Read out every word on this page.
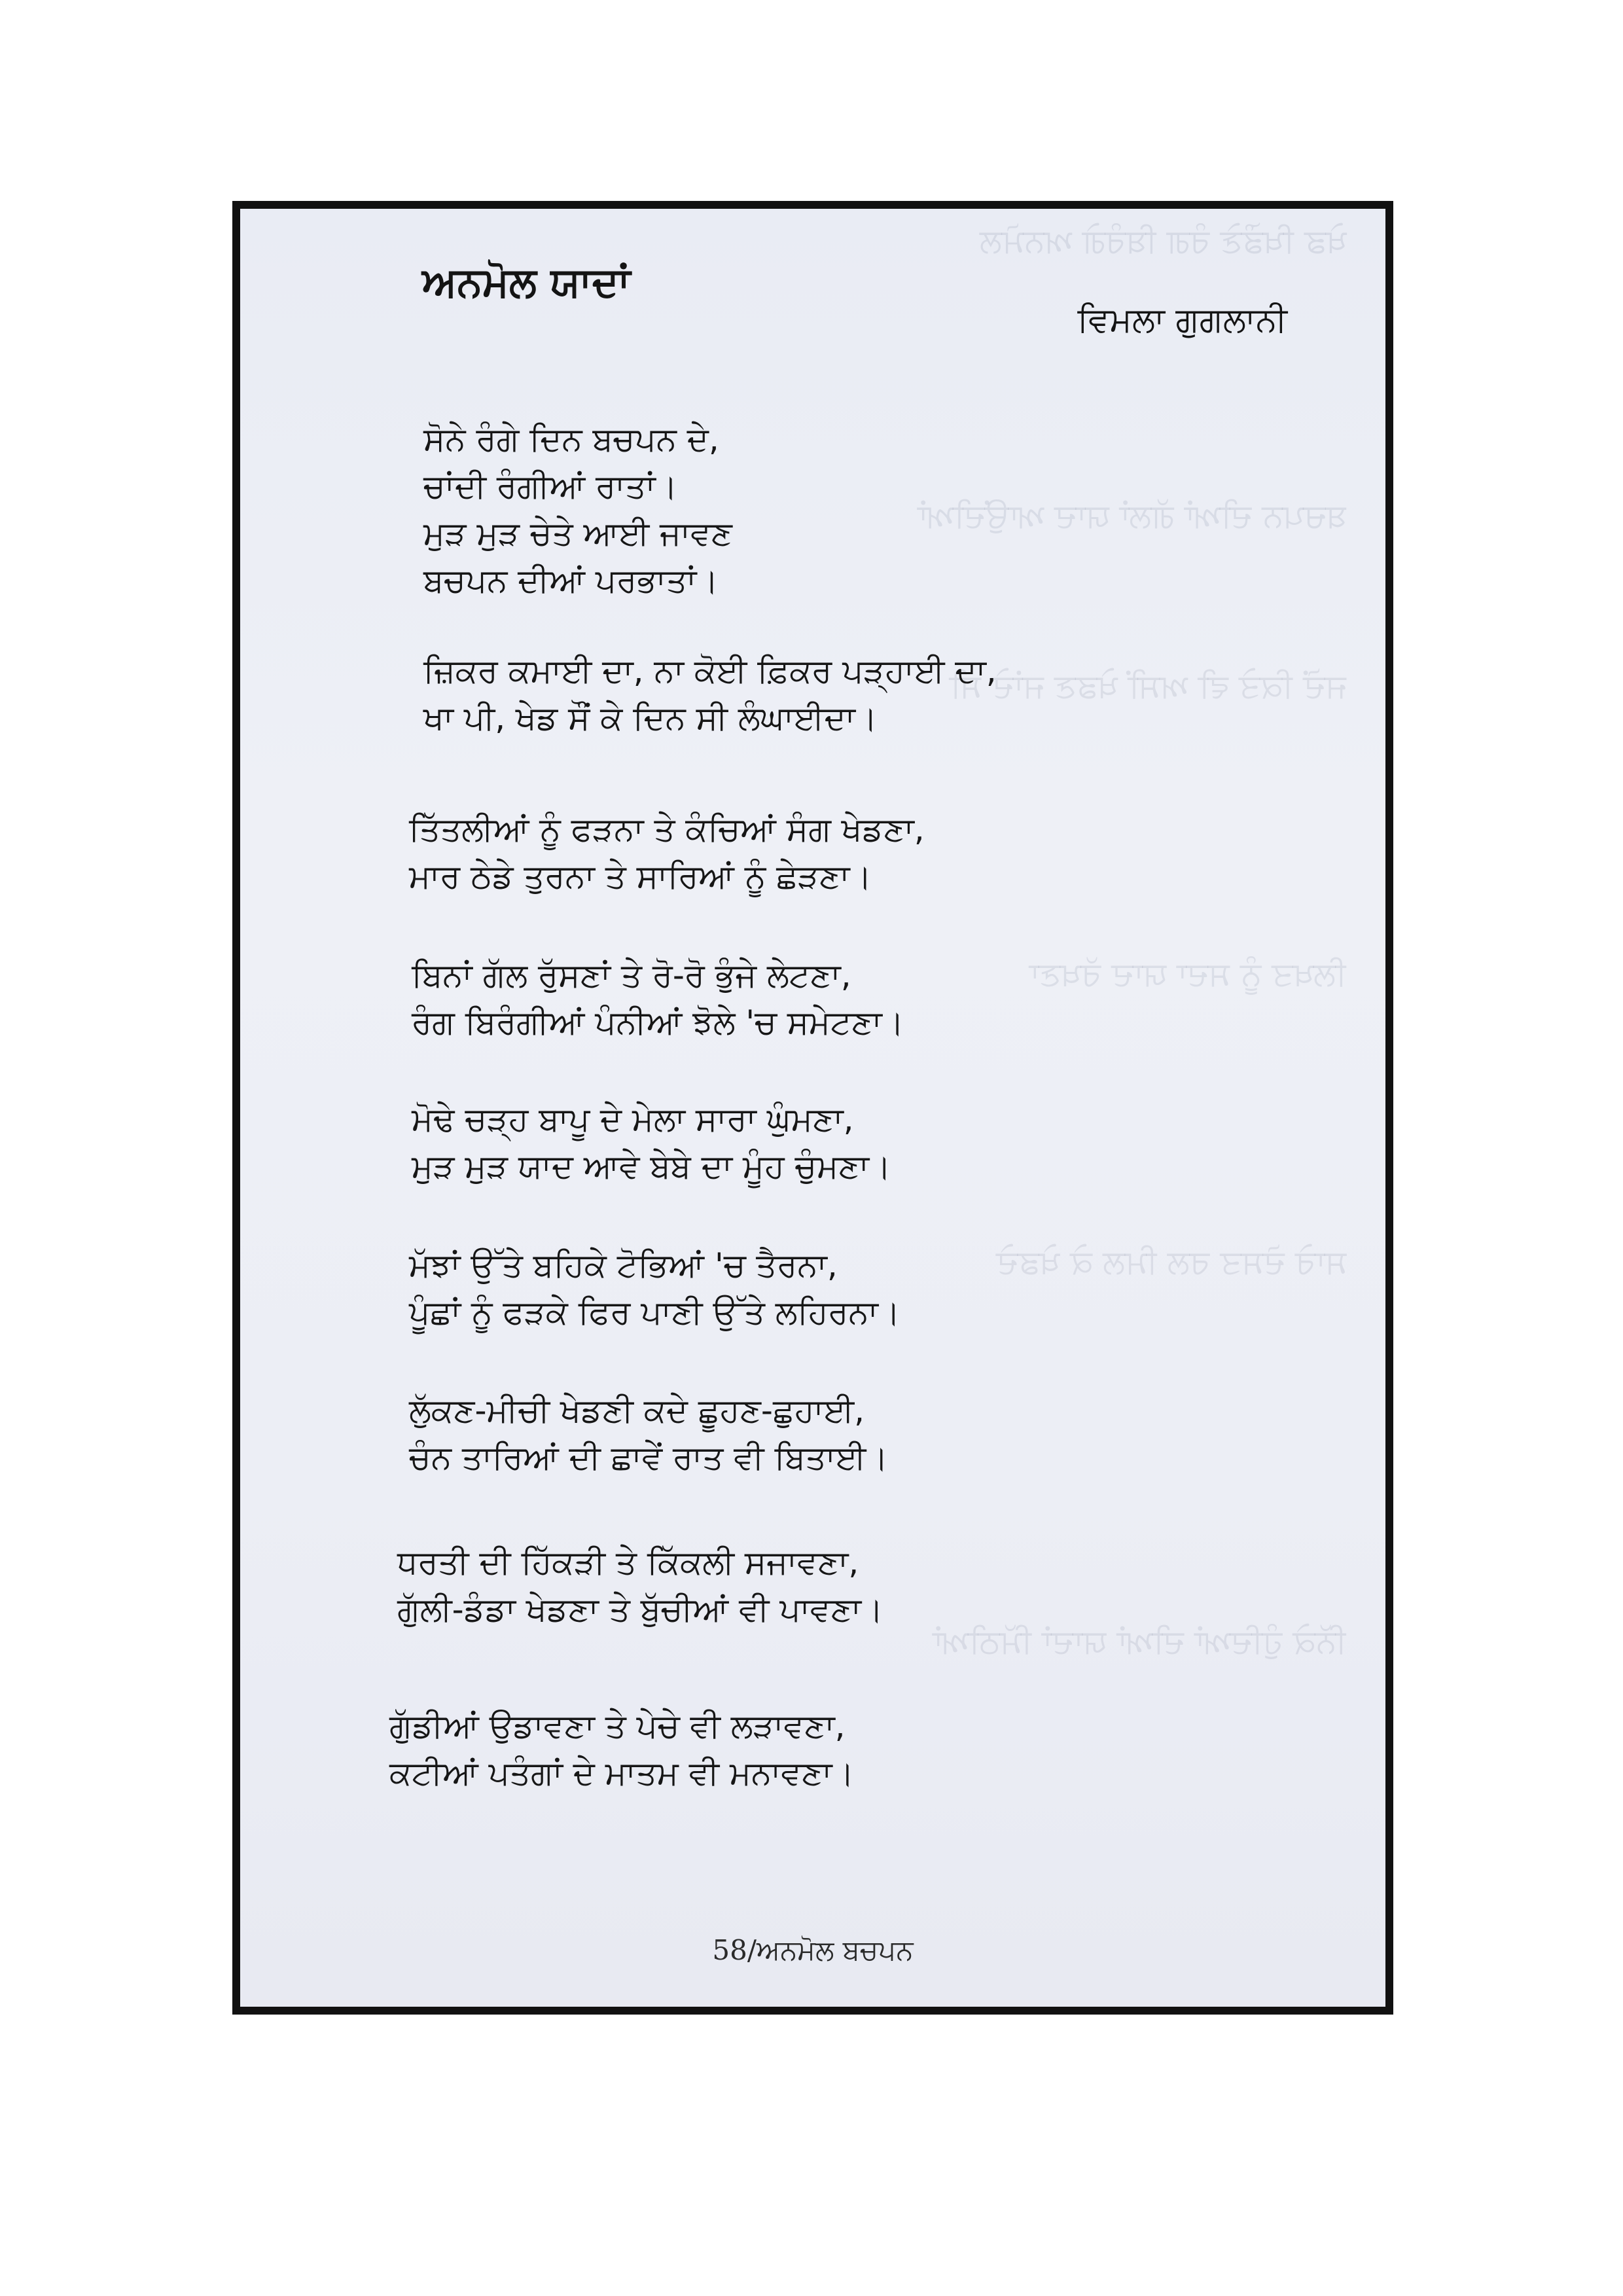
ਖੇਡ ਖਿਡੌਣੇ ਰੰਗ ਬਿਰੰਗੇ ਅਨਮੋਲ
ਬਚਪਨ ਦੀਆਂ ਗੱਲਾਂ ਯਾਦ ਆਉਂਦੀਆਂ
ਜਦੋਂ ਕਿਤੇ ਵੀ ਅਸੀਂ ਖੇਡਣ ਜਾਂਦੇ ਸੀ
ਲਿਖਤ ਨੂੰ ਸਦਾ ਯਾਦ ਰੱਖਣਾ
ਸਾਰੇ ਦੋਸਤ ਰਲ ਮਿਲ ਕੇ ਖੇਡਦੇ
ਨਿੱਕੇ ਹੁੰਦਿਆਂ ਦੀਆਂ ਯਾਦਾਂ ਮਿੱਠੀਆਂ
ਅਨਮੋਲ ਯਾਦਾਂ
ਵਿਮਲਾ ਗੁਗਲਾਨੀ
ਸੋਨੇ ਰੰਗੇ ਦਿਨ ਬਚਪਨ ਦੇ,
ਚਾਂਦੀ ਰੰਗੀਆਂ ਰਾਤਾਂ।
ਮੁੜ ਮੁੜ ਚੇਤੇ ਆਈ ਜਾਵਣ
ਬਚਪਨ ਦੀਆਂ ਪਰਭਾਤਾਂ।
ਜ਼ਿਕਰ ਕਮਾਈ ਦਾ, ਨਾ ਕੋਈ ਫ਼ਿਕਰ ਪੜ੍ਹਾਈ ਦਾ,
ਖਾ ਪੀ, ਖੇਡ ਸੌਂ ਕੇ ਦਿਨ ਸੀ ਲੰਘਾਈਦਾ।
ਤਿੱਤਲੀਆਂ ਨੂੰ ਫੜਨਾ ਤੇ ਕੰਚਿਆਂ ਸੰਗ ਖੇਡਣਾ,
ਮਾਰ ਠੇਡੇ ਤੁਰਨਾ ਤੇ ਸਾਰਿਆਂ ਨੂੰ ਛੇੜਣਾ।
ਬਿਨਾਂ ਗੱਲ ਰੁੱਸਣਾਂ ਤੇ ਰੋ-ਰੋ ਭੁੰਜੇ ਲੇਟਣਾ,
ਰੰਗ ਬਿਰੰਗੀਆਂ ਪੰਨੀਆਂ ਝੋਲੇ 'ਚ ਸਮੇਟਣਾ।
ਮੋਢੇ ਚੜ੍ਹ ਬਾਪੂ ਦੇ ਮੇਲਾ ਸਾਰਾ ਘੁੰਮਣਾ,
ਮੁੜ ਮੁੜ ਯਾਦ ਆਵੇ ਬੇਬੇ ਦਾ ਮੂੰਹ ਚੁੰਮਣਾ।
ਮੱਝਾਂ ਉੱਤੇ ਬਹਿਕੇ ਟੋਭਿਆਂ 'ਚ ਤੈਰਨਾ,
ਪੂੰਛਾਂ ਨੂੰ ਫੜਕੇ ਫਿਰ ਪਾਣੀ ਉੱਤੇ ਲਹਿਰਨਾ।
ਲੁੱਕਣ-ਮੀਚੀ ਖੇਡਣੀ ਕਦੇ ਛੂਹਣ-ਛੁਹਾਈ,
ਚੰਨ ਤਾਰਿਆਂ ਦੀ ਛਾਵੇਂ ਰਾਤ ਵੀ ਬਿਤਾਈ।
ਧਰਤੀ ਦੀ ਹਿੱਕੜੀ ਤੇ ਕਿੱਕਲੀ ਸਜਾਵਣਾ,
ਗੁੱਲੀ-ਡੰਡਾ ਖੇਡਣਾ ਤੇ ਬੁੱਚੀਆਂ ਵੀ ਪਾਵਣਾ।
ਗੁੱਡੀਆਂ ਉਡਾਵਣਾ ਤੇ ਪੇਚੇ ਵੀ ਲੜਾਵਣਾ,
ਕਟੀਆਂ ਪਤੰਗਾਂ ਦੇ ਮਾਤਮ ਵੀ ਮਨਾਵਣਾ।
58/ਅਨਮੋਲ ਬਚਪਨ
